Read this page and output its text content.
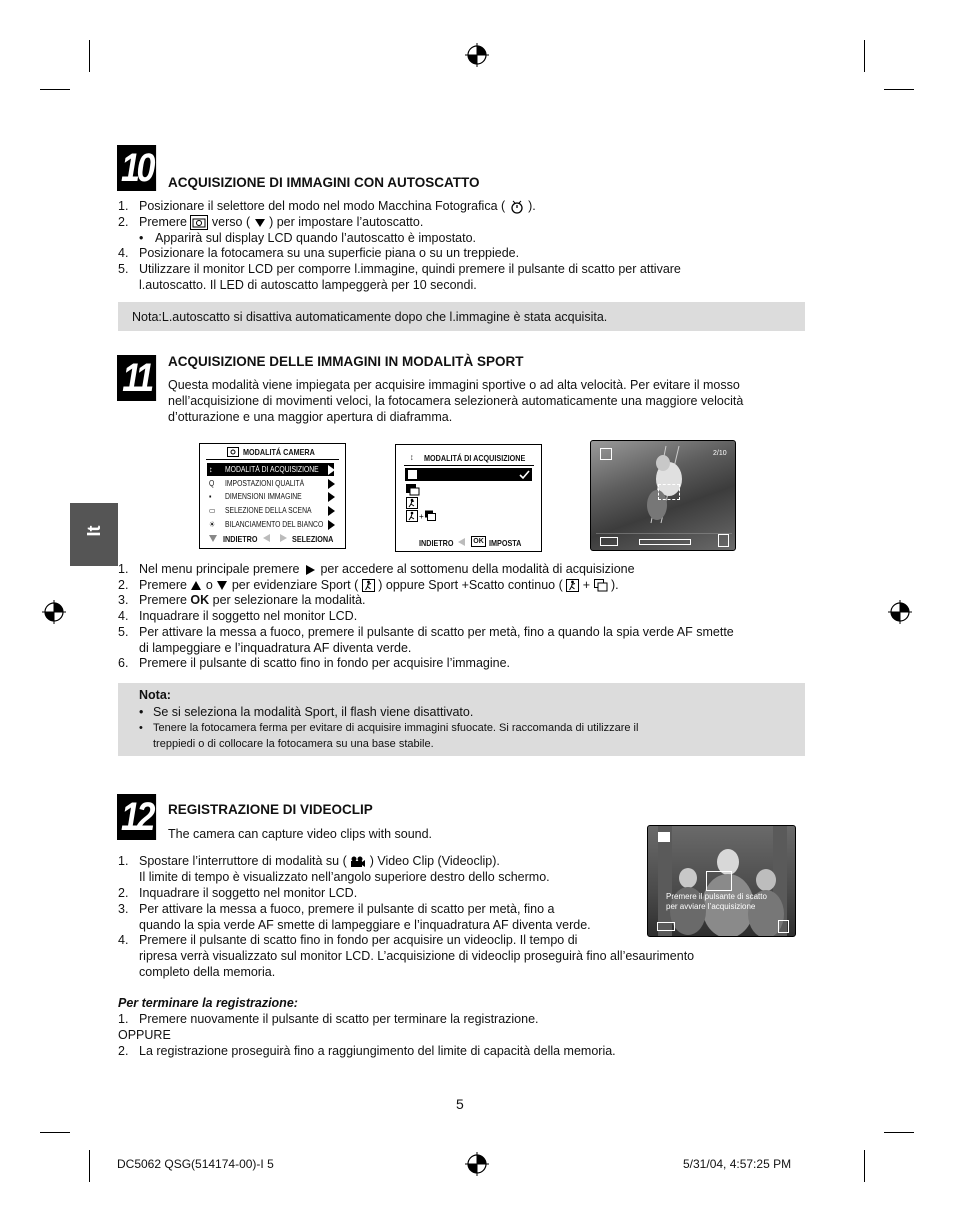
It
10 ACQUISIZIONE DI IMMAGINI CON AUTOSCATTO
1. Posizionare il selettore del modo nel modo Macchina Fotografica ( ).
2. Premere verso ( ) per impostare l’autoscatto.
• Apparirà sul display LCD quando l’autoscatto è impostato.
4. Posizionare la fotocamera su una superficie piana o su un treppiede.
5. Utilizzare il monitor LCD per comporre l.immagine, quindi premere il pulsante di scatto per attivare
l.autoscatto. Il LED di autoscatto lampeggerà per 10 secondi.
Nota:L.autoscatto si disattiva automaticamente dopo che l.immagine è stata acquisita.
11	ACQUISIZIONE DELLE IMMAGINI IN MODALITÀ SPORT
Questa modalità viene impiegata per acquisire immagini sportive o ad alta velocità. Per evitare il mosso
nell’acquisizione di movimenti veloci, la fotocamera selezionerà automaticamente una maggiore velocità
d’otturazione e una maggior apertura di diaframma.
MODALITÁ CAMERA
↕ MODALITÁ DI ACQUISIZIONE
Q IMPOSTAZIONI QUALITÁ
▪ DIMENSIONI IMMAGINE
▭ SELEZIONE DELLA SCENA
☀ BILANCIAMENTO DEL BIANCO
INDIETRO	SELEZIONA
↕ MODALITÁ DI ACQUISIZIONE
+
INDIETRO	OK IMPOSTA
2/10
1. Nel menu principale premere per accedere al sottomenu della modalità di acquisizione
2. Premere o per evidenziare Sport ( ) oppure Sport +Scatto continuo ( + ).
3. Premere OK per selezionare la modalità.
4. Inquadrare il soggetto nel monitor LCD.
5. Per attivare la messa a fuoco, premere il pulsante di scatto per metà, fino a quando la spia verde AF smette
di lampeggiare e l’inquadratura AF diventa verde.
6. Premere il pulsante di scatto fino in fondo per acquisire l’immagine.
Nota:
• Se si seleziona la modalità Sport, il flash viene disattivato.
• Tenere la fotocamera ferma per evitare di acquisire immagini sfuocate. Si raccomanda di utilizzare il
treppiedi o di collocare la fotocamera su una base stabile.
12 REGISTRAZIONE DI VIDEOCLIP
The camera can capture video clips with sound.
Premere il pulsante di scatto
per avviare l’acquisizione
1. Spostare l’interruttore di modalità su ( ) Video Clip (Videoclip).
Il limite di tempo è visualizzato nell’angolo superiore destro dello schermo.
2. Inquadrare il soggetto nel monitor LCD.
3. Per attivare la messa a fuoco, premere il pulsante di scatto per metà, fino a
quando la spia verde AF smette di lampeggiare e l’inquadratura AF diventa verde.
4. Premere il pulsante di scatto fino in fondo per acquisire un videoclip. Il tempo di
ripresa verrà visualizzato sul monitor LCD. L’acquisizione di videoclip proseguirà fino all’esaurimento
completo della memoria.
Per terminare la registrazione:
1. Premere nuovamente il pulsante di scatto per terminare la registrazione.
OPPURE
2. La registrazione proseguirà fino a raggiungimento del limite di capacità della memoria.
5
DC5062 QSG(514174-00)-I 5	5/31/04, 4:57:25 PM
